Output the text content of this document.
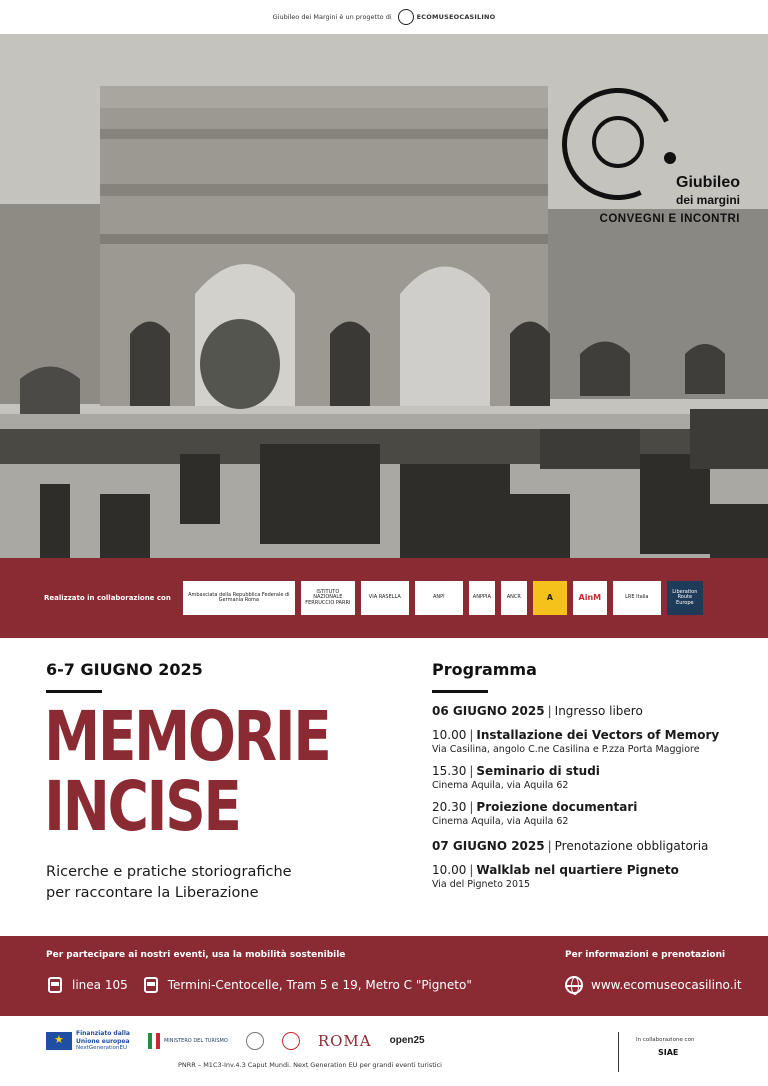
Giubileo dei Margini è un progetto di	ECOMUSEOCASILINO
Giubileo
dei margini
CONVEGNI E INCONTRI
Realizzato in collaborazione con	Ambasciata della Repubblica Federale di Germania Roma
ISTITUTO NAZIONALE FERRUCCIO PARRI
VIA RASELLA	ANPI	ANPPIA	ANCR	A	AinM	LRE Italia
Liberation Route Europe
6-7 GIUGNO 2025
MEMORIE
INCISE
Ricerche e pratiche storiografiche
per raccontare la Liberazione
Programma
06 GIUGNO 2025 | Ingresso libero
10.00 | Installazione dei Vectors of Memory
Via Casilina, angolo C.ne Casilina e P.zza Porta Maggiore
15.30 | Seminario di studi
Cinema Aquila, via Aquila 62
20.30 | Proiezione documentari
Cinema Aquila, via Aquila 62
07 GIUGNO 2025 | Prenotazione obbligatoria
10.00 | Walklab nel quartiere Pigneto
Via del Pigneto 2015
Per partecipare ai nostri eventi, usa la mobilità sostenibile	Per informazioni e prenotazioni
linea 105	Termini-Centocelle, Tram 5 e 19, Metro C "Pigneto"	www.ecomuseocasilino.it
★
Finanziato dalla
Unione europea
NextGenerationEU
MINISTERO DEL TURISMO	ROMA open25	In collaborazione con
SIAE
PNRR – M1C3-Inv.4.3 Caput Mundi. Next Generation EU per grandi eventi turistici
